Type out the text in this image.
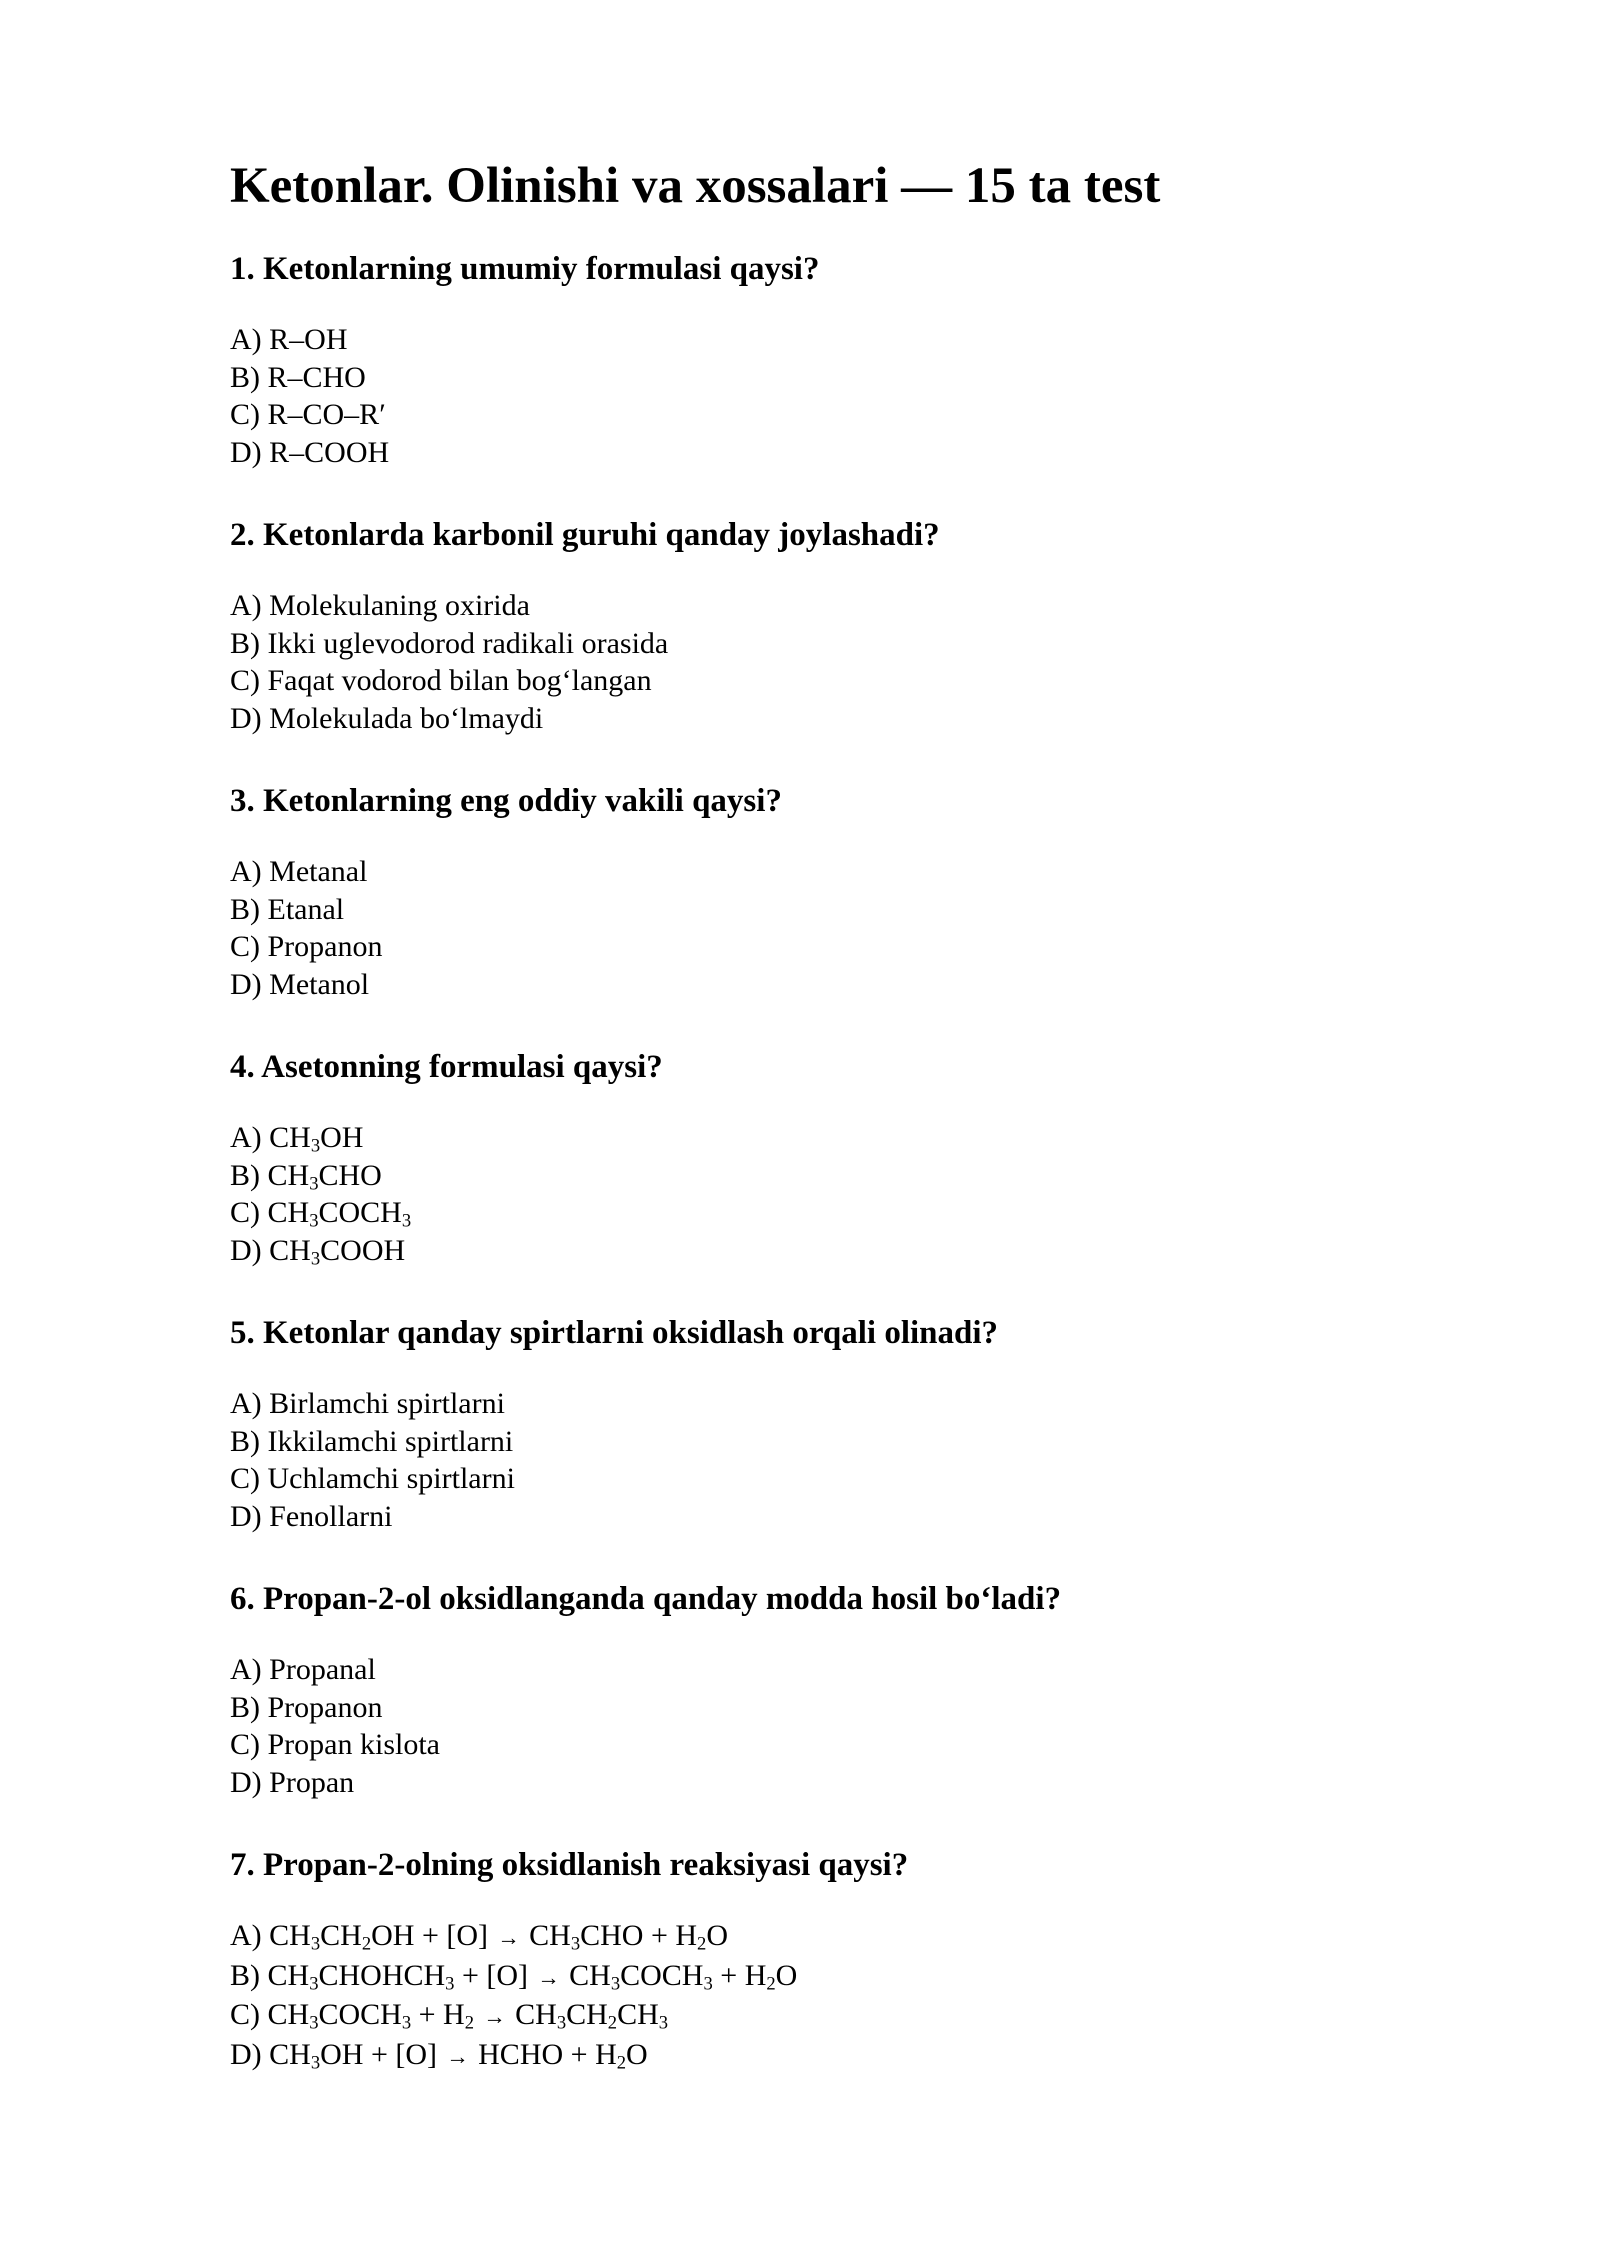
Ketonlar. Olinishi va xossalari — 15 ta test
1. Ketonlarning umumiy formulasi qaysi?
A) R–OH
B) R–CHO
C) R–CO–R′
D) R–COOH
2. Ketonlarda karbonil guruhi qanday joylashadi?
A) Molekulaning oxirida
B) Ikki uglevodorod radikali orasida
C) Faqat vodorod bilan bog‘langan
D) Molekulada bo‘lmaydi
3. Ketonlarning eng oddiy vakili qaysi?
A) Metanal
B) Etanal
C) Propanon
D) Metanol
4. Asetonning formulasi qaysi?
A) $CH_3OH$
B) $CH_3CHO$
C) $CH_3COCH_3$
D) $CH_3COOH$
5. Ketonlar qanday spirtlarni oksidlash orqali olinadi?
A) Birlamchi spirtlarni
B) Ikkilamchi spirtlarni
C) Uchlamchi spirtlarni
D) Fenollarni
6. Propan-2-ol oksidlanganda qanday modda hosil bo‘ladi?
A) Propanal
B) Propanon
C) Propan kislota
D) Propan
7. Propan-2-olning oksidlanish reaksiyasi qaysi?
A) $CH_3CH_2OH + [O] \to CH_3CHO + H_2O$
B) $CH_3CHOHCH_3 + [O]$ → $CH_3COCH_3 + H_2O$
C) $CH_3COCH_3 + H_2 \to CH_3CH_2CH_3$
D) $CH_3OH + [O]$ → HCHO + $H_2O$
